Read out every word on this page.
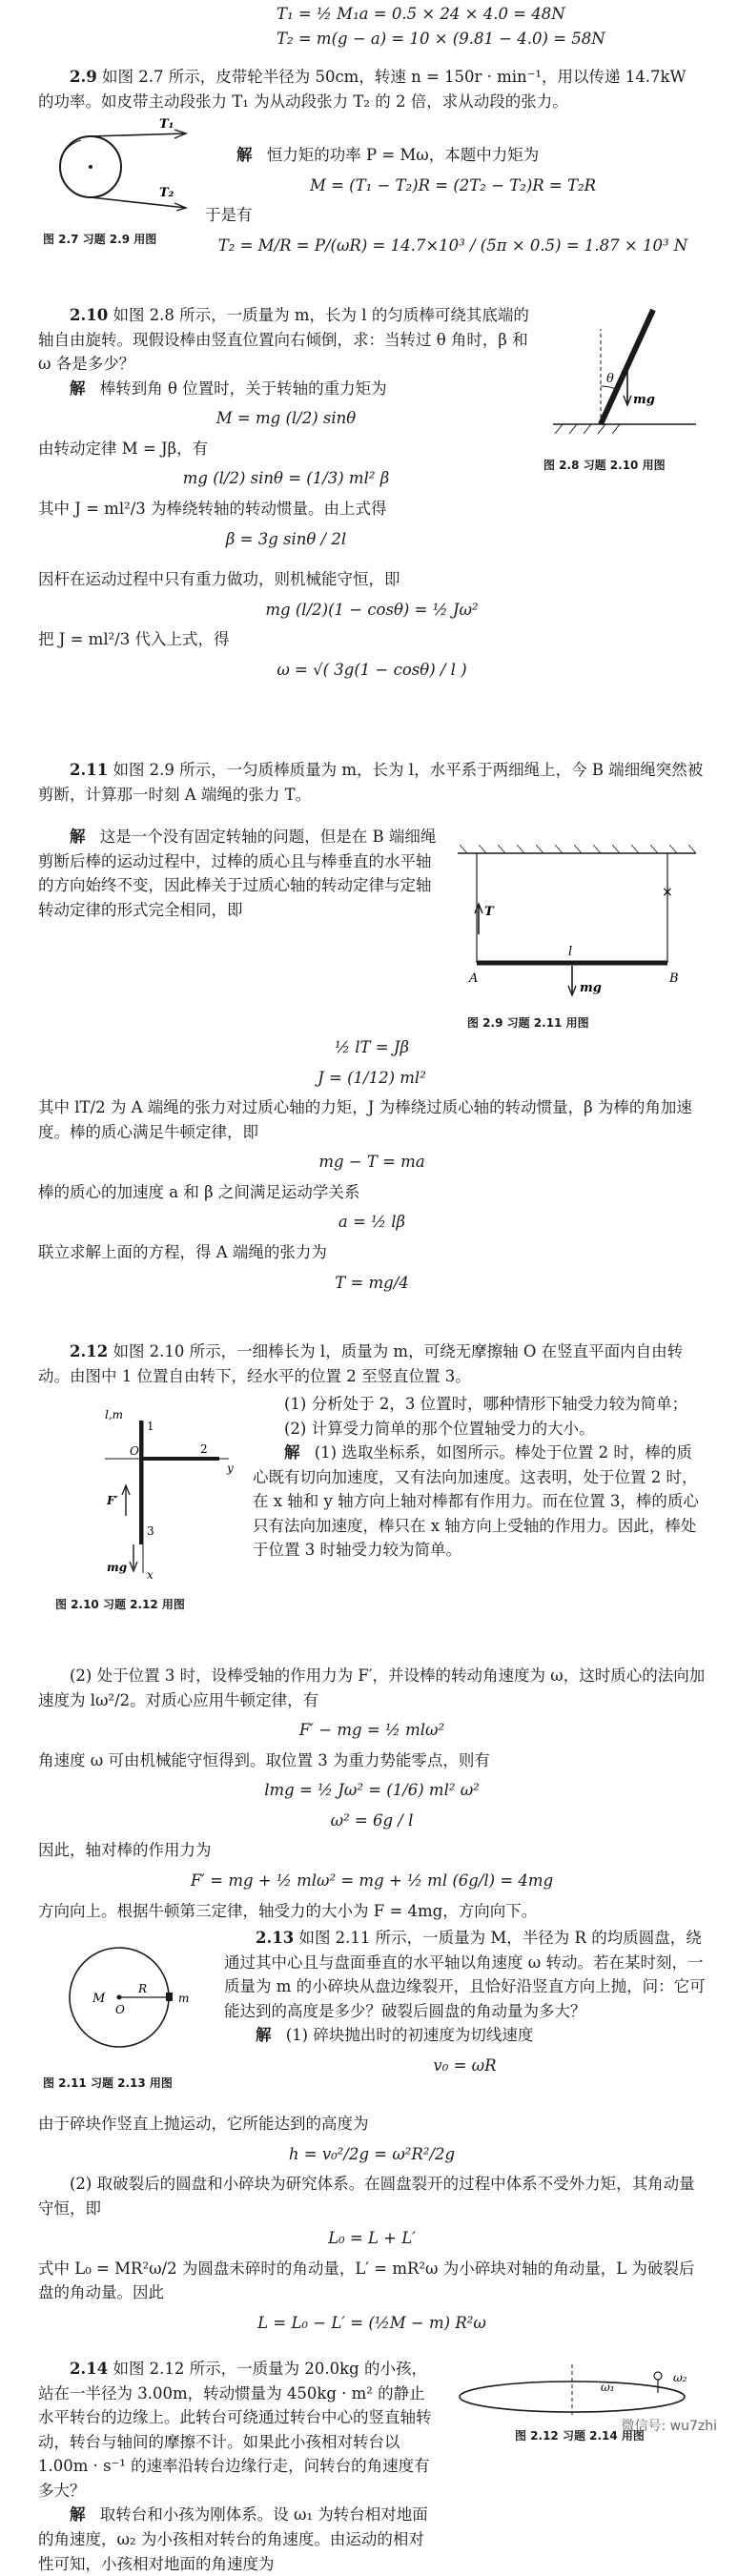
T₁ = ½ M₁a = 0.5 × 24 × 4.0 = 48N

T₂ = m(g − a) = 10 × (9.81 − 4.0) = 58N

2.9 如图 2.7 所示，皮带轮半径为 50cm，转速 n = 150r · min⁻¹，用以传递 14.7kW 的功率。如皮带主动段张力 T₁ 为从动段张力 T₂ 的 2 倍，求从动段的张力。

T₁
T₂
图 2.7 习题 2.9 用图

解 恒力矩的功率 P = Mω，本题中力矩为

M = (T₁ − T₂)R = (2T₂ − T₂)R = T₂R

于是有

T₂ = M/R = P/(ωR) = 14.7×10³ / (5π × 0.5) = 1.87 × 10³ N

2.10 如图 2.8 所示，一质量为 m，长为 l 的匀质棒可绕其底端的轴自由旋转。现假设棒由竖直位置向右倾倒，求：当转过 θ 角时，β 和 ω 各是多少？

解 棒转到角 θ 位置时，关于转轴的重力矩为

M = mg (l/2) sinθ

由转动定律 M = Jβ，有

mg (l/2) sinθ = (1/3) ml² β

其中 J = ml²/3 为棒绕转轴的转动惯量。由上式得

β = 3g sinθ / 2l

θ
mg
图 2.8 习题 2.10 用图

因杆在运动过程中只有重力做功，则机械能守恒，即

mg (l/2)(1 − cosθ) = ½ Jω²

把 J = ml²/3 代入上式，得

ω = √( 3g(1 − cosθ) / l )

2.11 如图 2.9 所示，一匀质棒质量为 m，长为 l，水平系于两细绳上，今 B 端细绳突然被剪断，计算那一时刻 A 端绳的张力 T。

解 这是一个没有固定转轴的问题，但是在 B 端细绳剪断后棒的运动过程中，过棒的质心且与棒垂直的水平轴的方向始终不变，因此棒关于过质心轴的转动定律与定轴转动定律的形式完全相同，即	T
l
mg
A	B
×
图 2.9 习题 2.11 用图

½ lT = Jβ

J = (1/12) ml²

其中 lT/2 为 A 端绳的张力对过质心轴的力矩，J 为棒绕过质心轴的转动惯量，β 为棒的角加速度。棒的质心满足牛顿定律，即

mg − T = ma

棒的质心的加速度 a 和 β 之间满足运动学关系

a = ½ lβ

联立求解上面的方程，得 A 端绳的张力为

T = mg/4

2.12 如图 2.10 所示，一细棒长为 l，质量为 m，可绕无摩擦轴 O 在竖直平面内自由转动。由图中 1 位置自由转下，经水平的位置 2 至竖直位置 3。

l,m
1
O	2
y
3
x
F′
mg
图 2.10 习题 2.12 用图

(1) 分析处于 2，3 位置时，哪种情形下轴受力较为简单；

(2) 计算受力简单的那个位置轴受力的大小。

解 (1) 选取坐标系，如图所示。棒处于位置 2 时，棒的质心既有切向加速度，又有法向加速度。这表明，处于位置 2 时，在 x 轴和 y 轴方向上轴对棒都有作用力。而在位置 3，棒的质心只有法向加速度，棒只在 x 轴方向上受轴的作用力。因此，棒处于位置 3 时轴受力较为简单。

(2) 处于位置 3 时，设棒受轴的作用力为 F′，并设棒的转动角速度为 ω，这时质心的法向加速度为 lω²/2。对质心应用牛顿定律，有

F′ − mg = ½ mlω²

角速度 ω 可由机械能守恒得到。取位置 3 为重力势能零点，则有

lmg = ½ Jω² = (1/6) ml² ω²

ω² = 6g / l

因此，轴对棒的作用力为

F′ = mg + ½ mlω² = mg + ½ ml (6g/l) = 4mg

方向向上。根据牛顿第三定律，轴受力的大小为 F = 4mg，方向向下。

2.13 如图 2.11 所示，一质量为 M，半径为 R 的均质圆盘，绕通过其中心且与盘面垂直的水平轴以角速度 ω 转动。若在某时刻，一质量为 m 的小碎块从盘边缘裂开，且恰好沿竖直方向上抛，问：它可能达到的高度是多少？破裂后圆盘的角动量为多大？

解 (1) 碎块抛出时的初速度为切线速度

v₀ = ωR

M
O
R
m
图 2.11 习题 2.13 用图

由于碎块作竖直上抛运动，它所能达到的高度为

h = v₀²/2g = ω²R²/2g

(2) 取破裂后的圆盘和小碎块为研究体系。在圆盘裂开的过程中体系不受外力矩，其角动量守恒，即

L₀ = L + L′

式中 L₀ = MR²ω/2 为圆盘未碎时的角动量，L′ = mR²ω 为小碎块对轴的角动量，L 为破裂后盘的角动量。因此

L = L₀ − L′ = (½M − m) R²ω

2.14 如图 2.12 所示，一质量为 20.0kg 的小孩，站在一半径为 3.00m，转动惯量为 450kg · m² 的静止水平转台的边缘上。此转台可绕通过转台中心的竖直轴转动，转台与轴间的摩擦不计。如果此小孩相对转台以 1.00m · s⁻¹ 的速率沿转台边缘行走，问转台的角速度有多大？

解 取转台和小孩为刚体系。设 ω₁ 为转台相对地面的角速度，ω₂ 为小孩相对转台的角速度。由运动的相对性可知，小孩相对地面的角速度为

ω₁
ω₂
图 2.12 习题 2.14 用图
微信号: wu7zhi
